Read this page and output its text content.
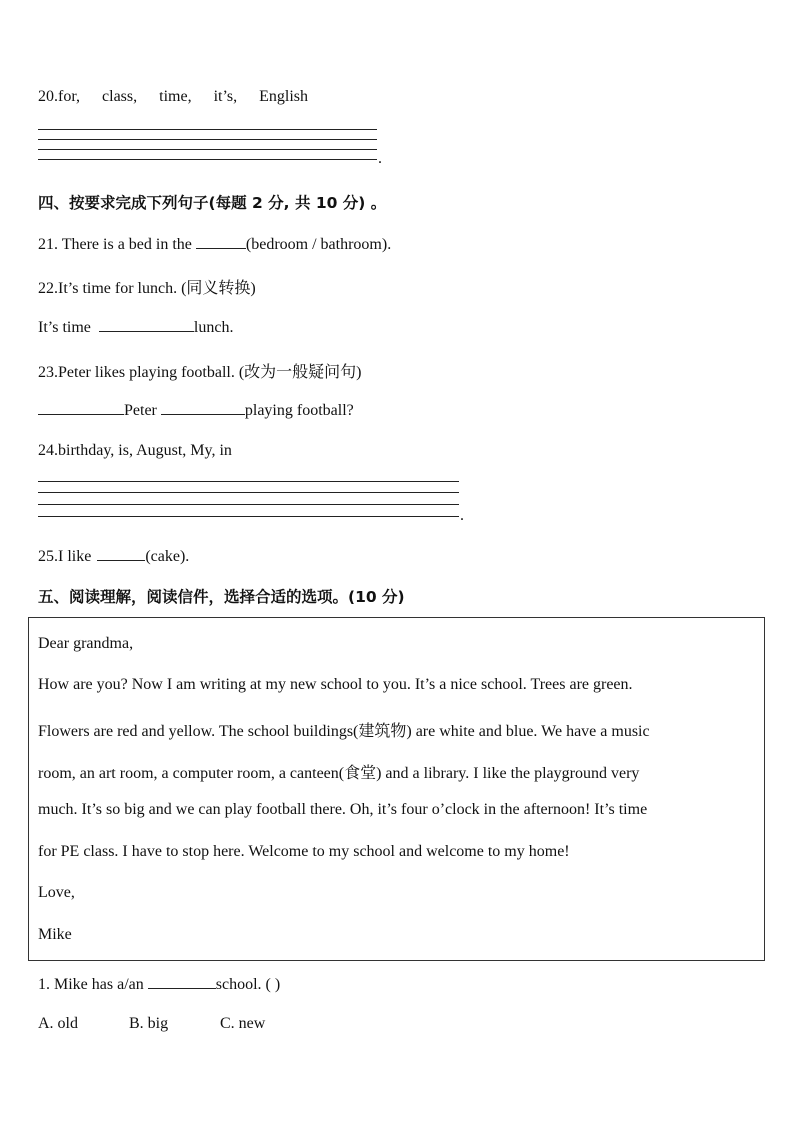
20.for, class, time, it’s, English
.
四、按要求完成下列句子(每题 2 分, 共 10 分) 。
21. There is a bed in the	(bedroom / bathroom).
22.It’s time for lunch. (同义转换)
It’s time	lunch.
23.Peter likes playing football. (改为一般疑问句)
Peter	playing football?
24.birthday, is, August, My, in
.
25.I like	(cake).
五、阅读理解，阅读信件，选择合适的选项。(10 分)
Dear grandma,
How are you? Now I am writing at my new school to you. It’s a nice school. Trees are green.
Flowers are red and yellow. The school buildings(建筑物) are white and blue. We have a music
room, an art room, a computer room, a canteen(食堂) and a library. I like the playground very
much. It’s so big and we can play football there. Oh, it’s four o’clock in the afternoon! It’s time
for PE class. I have to stop here. Welcome to my school and welcome to my home!
Love,
Mike
1. Mike has a/an	school. ( )
A. old	B. big	C. new
